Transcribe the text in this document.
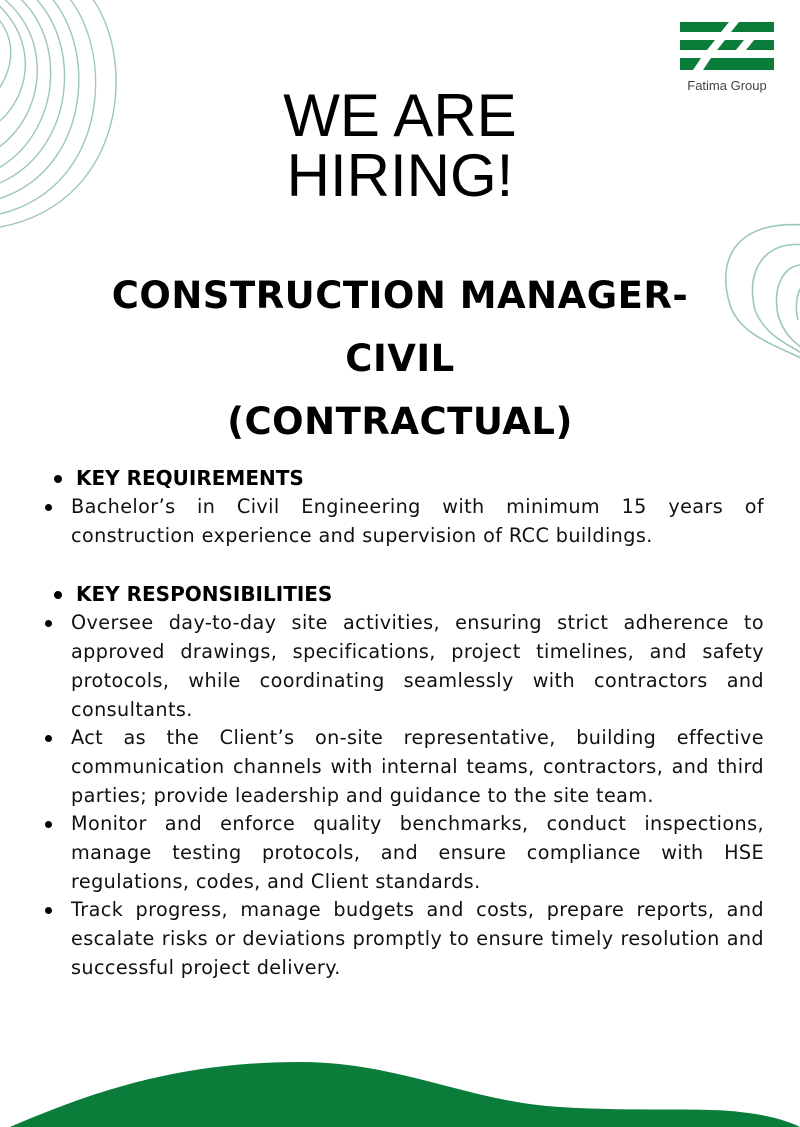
Fatima Group
WE ARE
HIRING!
CONSTRUCTION MANAGER-
CIVIL
(CONTRACTUAL)
KEY REQUIREMENTS
Bachelor’s in Civil Engineering with minimum 15 years of construction experience and supervision of RCC buildings.
KEY RESPONSIBILITIES
Oversee day-to-day site activities, ensuring strict adherence to approved drawings, specifications, project timelines, and safety protocols, while coordinating seamlessly with contractors and consultants.
Act as the Client’s on-site representative, building effective communication channels with internal teams, contractors, and third parties; provide leadership and guidance to the site team.
Monitor and enforce quality benchmarks, conduct inspections, manage testing protocols, and ensure compliance with HSE regulations, codes, and Client standards.
Track progress, manage budgets and costs, prepare reports, and escalate risks or deviations promptly to ensure timely resolution and successful project delivery.
